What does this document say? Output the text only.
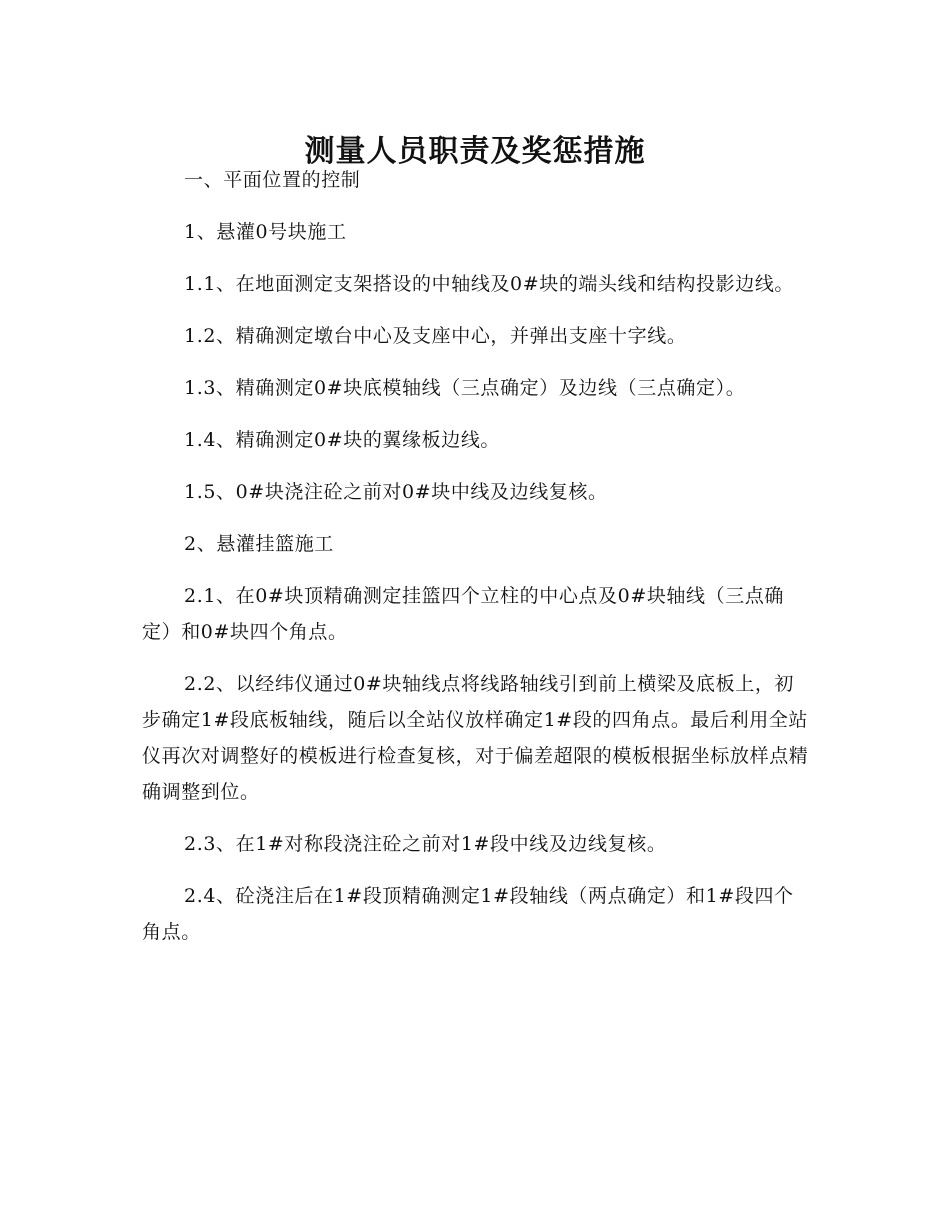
测量人员职责及奖惩措施

一、平面位置的控制

1、悬灌0号块施工

1.1、在地面测定支架搭设的中轴线及0#块的端头线和结构投影边线。

1.2、精确测定墩台中心及支座中心，并弹出支座十字线。

1.3、精确测定0#块底模轴线（三点确定）及边线（三点确定）。

1.4、精确测定0#块的翼缘板边线。

1.5、0#块浇注砼之前对0#块中线及边线复核。

2、悬灌挂篮施工

2.1、在0#块顶精确测定挂篮四个立柱的中心点及0#块轴线（三点确定）和0#块四个角点。

2.2、以经纬仪通过0#块轴线点将线路轴线引到前上横梁及底板上，初步确定1#段底板轴线，随后以全站仪放样确定1#段的四角点。最后利用全站仪再次对调整好的模板进行检查复核，对于偏差超限的模板根据坐标放样点精确调整到位。

2.3、在1#对称段浇注砼之前对1#段中线及边线复核。

2.4、砼浇注后在1#段顶精确测定1#段轴线（两点确定）和1#段四个角点。
